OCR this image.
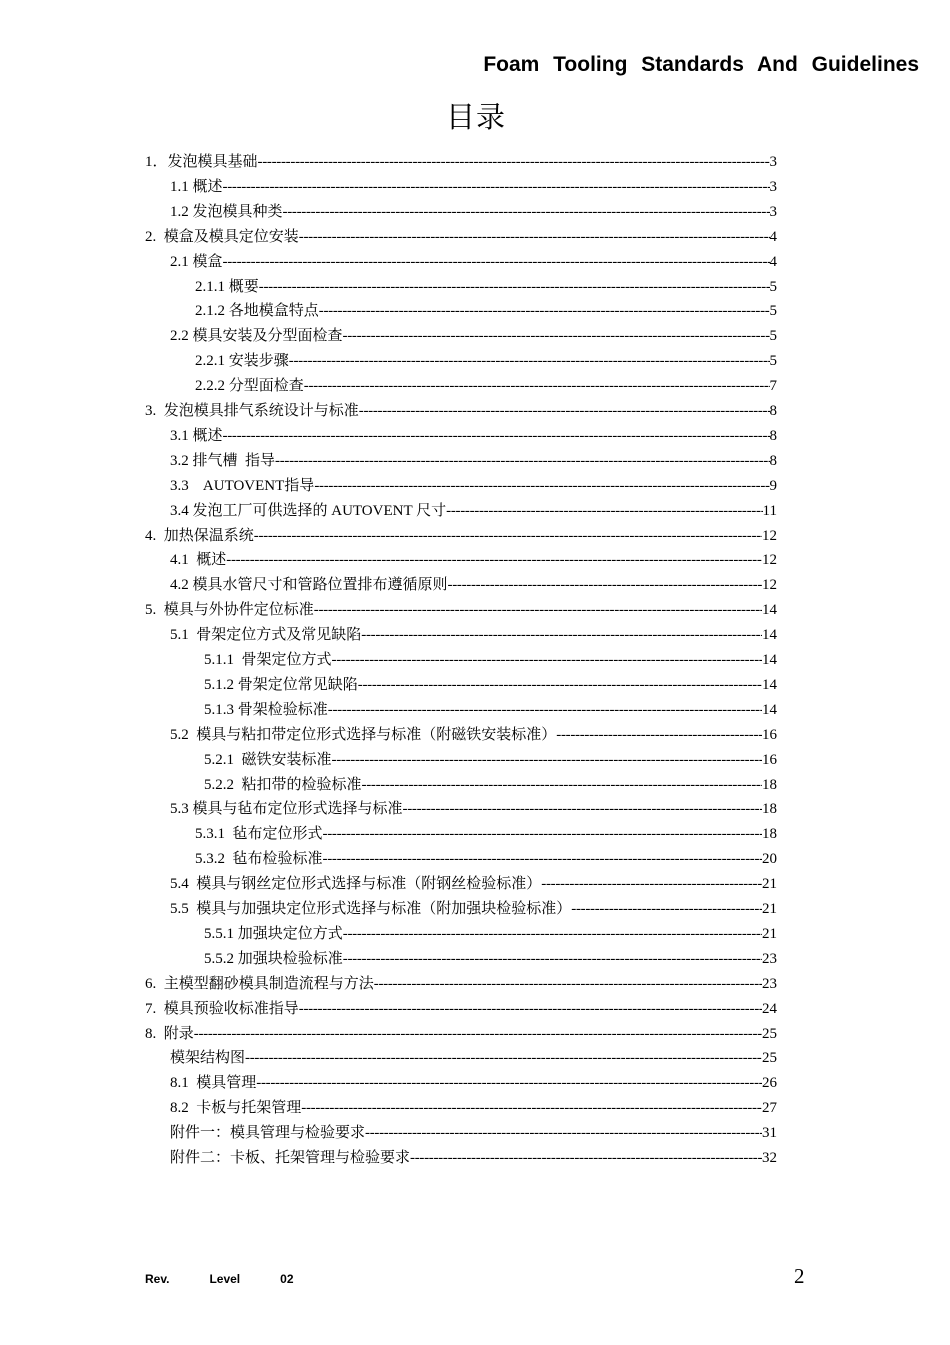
Foam Tooling Standards And Guidelines
目录
1．发泡模具基础 -----	3
1.1 概述 -----	3
1.2 发泡模具种类 -----	3
2.  模盒及模具定位安装 -----	4
2.1 模盒 -----	4
2.1.1 概要 -----	5
2.1.2 各地模盒特点 -----	5
2.2 模具安装及分型面检查 -----	5
2.2.1 安装步骤 -----	5
2.2.2 分型面检查 -----	7
3.  发泡模具排气系统设计与标准 -----	8
3.1 概述 -----	8
3.2 排气槽  指导 -----	8
3.3    AUTOVENT指导 -----	9
3.4 发泡工厂可供选择的 AUTOVENT 尺寸 -----	11
4.  加热保温系统 -----	12
4.1  概述 -----	12
4.2 模具水管尺寸和管路位置排布遵循原则 -----	12
5.  模具与外协件定位标准 -----	14
5.1  骨架定位方式及常见缺陷 -----	14
5.1.1  骨架定位方式 -----	14
5.1.2 骨架定位常见缺陷 -----	14
5.1.3 骨架检验标准 -----	14
5.2  模具与粘扣带定位形式选择与标准（附磁铁安装标准） -----	16
5.2.1  磁铁安装标准 -----	16
5.2.2  粘扣带的检验标准 -----	18
5.3 模具与毡布定位形式选择与标准 -----	18
5.3.1  毡布定位形式 -----	18
5.3.2  毡布检验标准 -----	20
5.4  模具与钢丝定位形式选择与标准（附钢丝检验标准） -----	21
5.5  模具与加强块定位形式选择与标准（附加强块检验标准） -----	21
5.5.1 加强块定位方式 -----	21
5.5.2 加强块检验标准 -----	23
6.  主模型翻砂模具制造流程与方法 -----	23
7.  模具预验收标准指导 -----	24
8.  附录 -----	25
模架结构图 -----	25
8.1  模具管理 -----	26
8.2  卡板与托架管理 -----	27
附件一：模具管理与检验要求 -----	31
附件二：卡板、托架管理与检验要求 -----	32
Rev.   Level   02	2
